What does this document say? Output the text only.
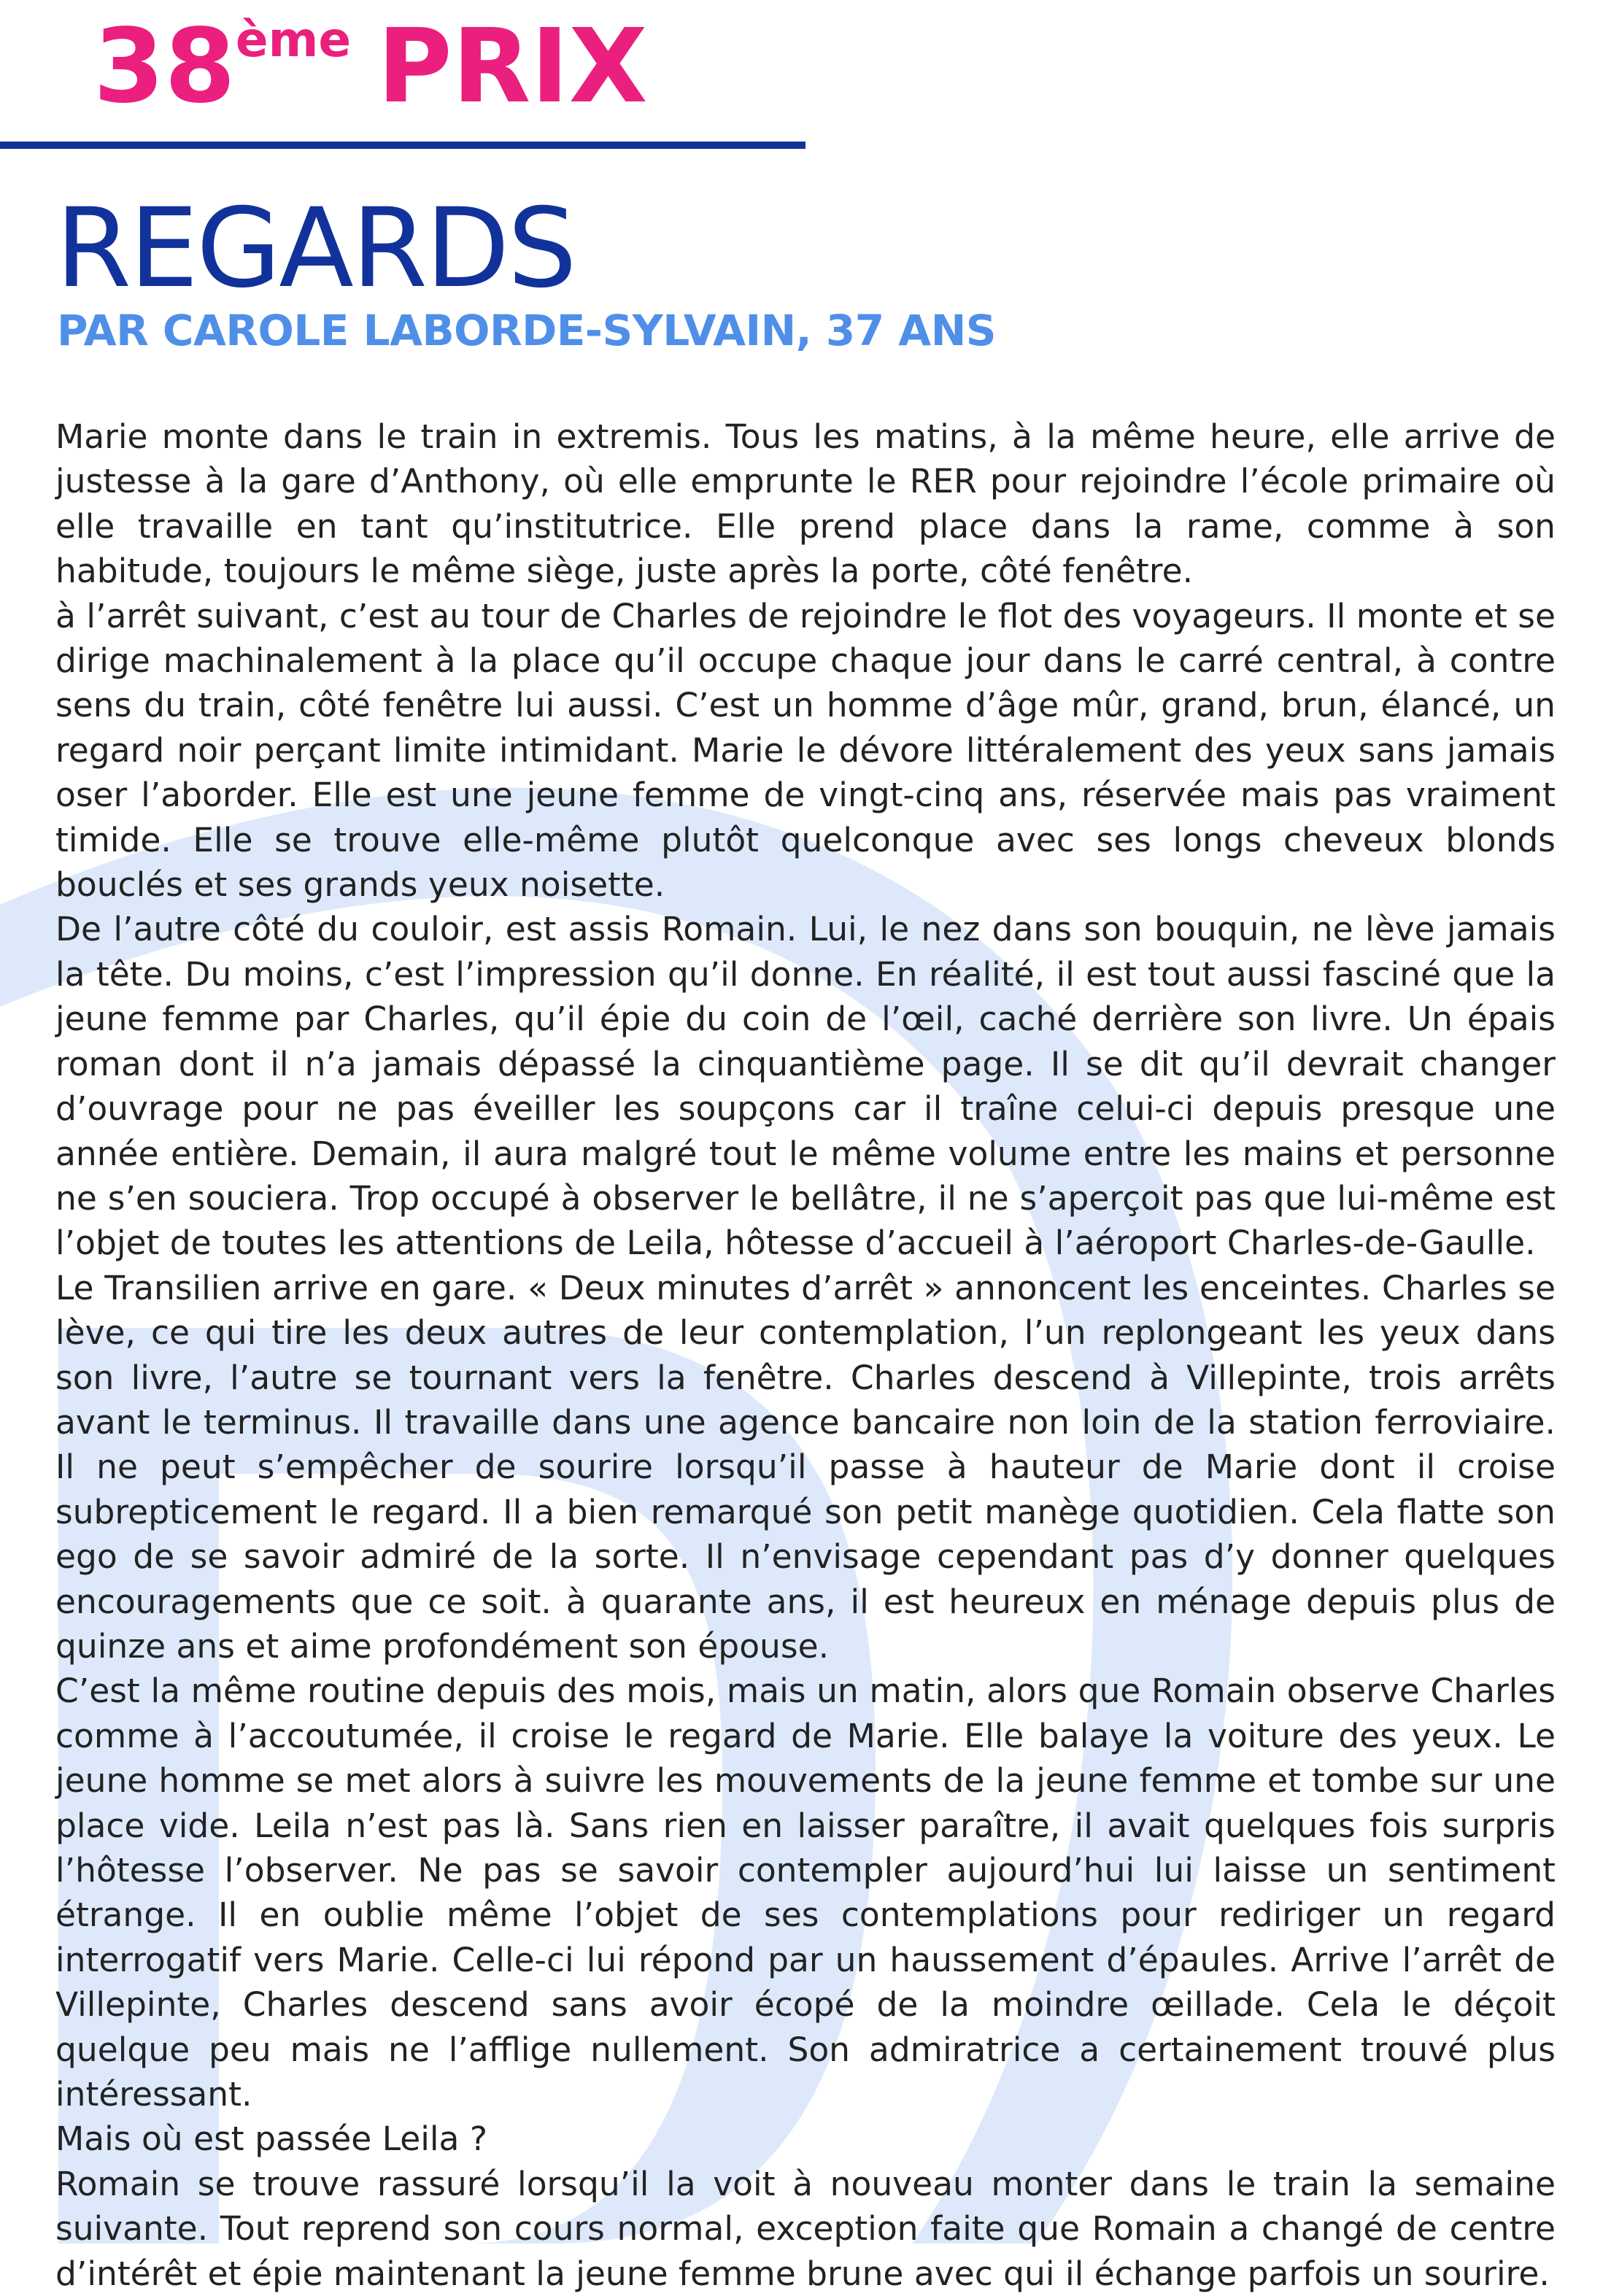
38ème PRIX
REGARDS
PAR CAROLE LABORDE-SYLVAIN, 37 ANS

Marie monte dans le train in extremis. Tous les matins, à la même heure, elle arrive de justesse à la gare d’Anthony, où elle emprunte le RER pour rejoindre l’école primaire où elle travaille en tant qu’institutrice. Elle prend place dans la rame, comme à son habitude, toujours le même siège, juste après la porte, côté fenêtre.

à l’arrêt suivant, c’est au tour de Charles de rejoindre le flot des voyageurs. Il monte et se dirige machinalement à la place qu’il occupe chaque jour dans le carré central, à contre sens du train, côté fenêtre lui aussi. C’est un homme d’âge mûr, grand, brun, élancé, un regard noir perçant limite intimidant. Marie le dévore littéralement des yeux sans jamais oser l’aborder. Elle est une jeune femme de vingt-cinq ans, réservée mais pas vraiment timide. Elle se trouve elle-même plutôt quelconque avec ses longs cheveux blonds bouclés et ses grands yeux noisette.

De l’autre côté du couloir, est assis Romain. Lui, le nez dans son bouquin, ne lève jamais la tête. Du moins, c’est l’impression qu’il donne. En réalité, il est tout aussi fasciné que la jeune femme par Charles, qu’il épie du coin de l’œil, caché derrière son livre. Un épais roman dont il n’a jamais dépassé la cinquantième page. Il se dit qu’il devrait changer d’ouvrage pour ne pas éveiller les soupçons car il traîne celui-ci depuis presque une année entière. Demain, il aura malgré tout le même volume entre les mains et personne ne s’en souciera. Trop occupé à observer le bellâtre, il ne s’aperçoit pas que lui-même est l’objet de toutes les attentions de Leila, hôtesse d’accueil à l’aéroport Charles-de-Gaulle.

Le Transilien arrive en gare. « Deux minutes d’arrêt » annoncent les enceintes. Charles se lève, ce qui tire les deux autres de leur contemplation, l’un replongeant les yeux dans son livre, l’autre se tournant vers la fenêtre. Charles descend à Villepinte, trois arrêts avant le terminus. Il travaille dans une agence bancaire non loin de la station ferroviaire. Il ne peut s’empêcher de sourire lorsqu’il passe à hauteur de Marie dont il croise subrepticement le regard. Il a bien remarqué son petit manège quotidien. Cela flatte son ego de se savoir admiré de la sorte. Il n’envisage cependant pas d’y donner quelques encouragements que ce soit. à quarante ans, il est heureux en ménage depuis plus de quinze ans et aime profondément son épouse.

C’est la même routine depuis des mois, mais un matin, alors que Romain observe Charles comme à l’accoutumée, il croise le regard de Marie. Elle balaye la voiture des yeux. Le jeune homme se met alors à suivre les mouvements de la jeune femme et tombe sur une place vide. Leila n’est pas là. Sans rien en laisser paraître, il avait quelques fois surpris l’hôtesse l’observer. Ne pas se savoir contempler aujourd’hui lui laisse un sentiment étrange. Il en oublie même l’objet de ses contemplations pour rediriger un regard interrogatif vers Marie. Celle-ci lui répond par un haussement d’épaules. Arrive l’arrêt de Villepinte, Charles descend sans avoir écopé de la moindre œillade. Cela le déçoit quelque peu mais ne l’afflige nullement. Son admiratrice a certainement trouvé plus intéressant.

Mais où est passée Leila ?

Romain se trouve rassuré lorsqu’il la voit à nouveau monter dans le train la semaine suivante. Tout reprend son cours normal, exception faite que Romain a changé de centre d’intérêt et épie maintenant la jeune femme brune avec qui il échange parfois un sourire.
